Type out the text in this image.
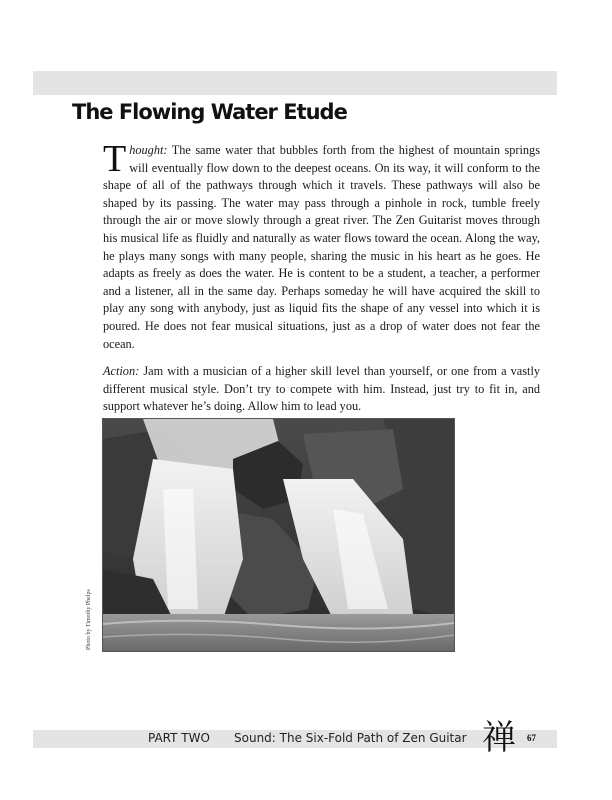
The Flowing Water Etude

Thought: The same water that bubbles forth from the highest of mountain springs will eventually flow down to the deepest oceans. On its way, it will conform to the shape of all of the pathways through which it travels. These pathways will also be shaped by its passing. The water may pass through a pinhole in rock, tumble freely through the air or move slowly through a great river. The Zen Guitarist moves through his musical life as fluidly and naturally as water flows toward the ocean. Along the way, he plays many songs with many people, sharing the music in his heart as he goes. He adapts as freely as does the water. He is content to be a student, a teacher, a performer and a listener, all in the same day. Perhaps someday he will have acquired the skill to play any song with anybody, just as liquid fits the shape of any vessel into which it is poured. He does not fear musical situations, just as a drop of water does not fear the ocean.

Action: Jam with a musician of a higher skill level than yourself, or one from a vastly different musical style. Don’t try to compete with him. Instead, just try to fit in, and support whatever he’s doing. Allow him to lead you.

Photo by Timothy Phelps
PART TWO Sound: The Six-Fold Path of Zen Guitar 禅 67
